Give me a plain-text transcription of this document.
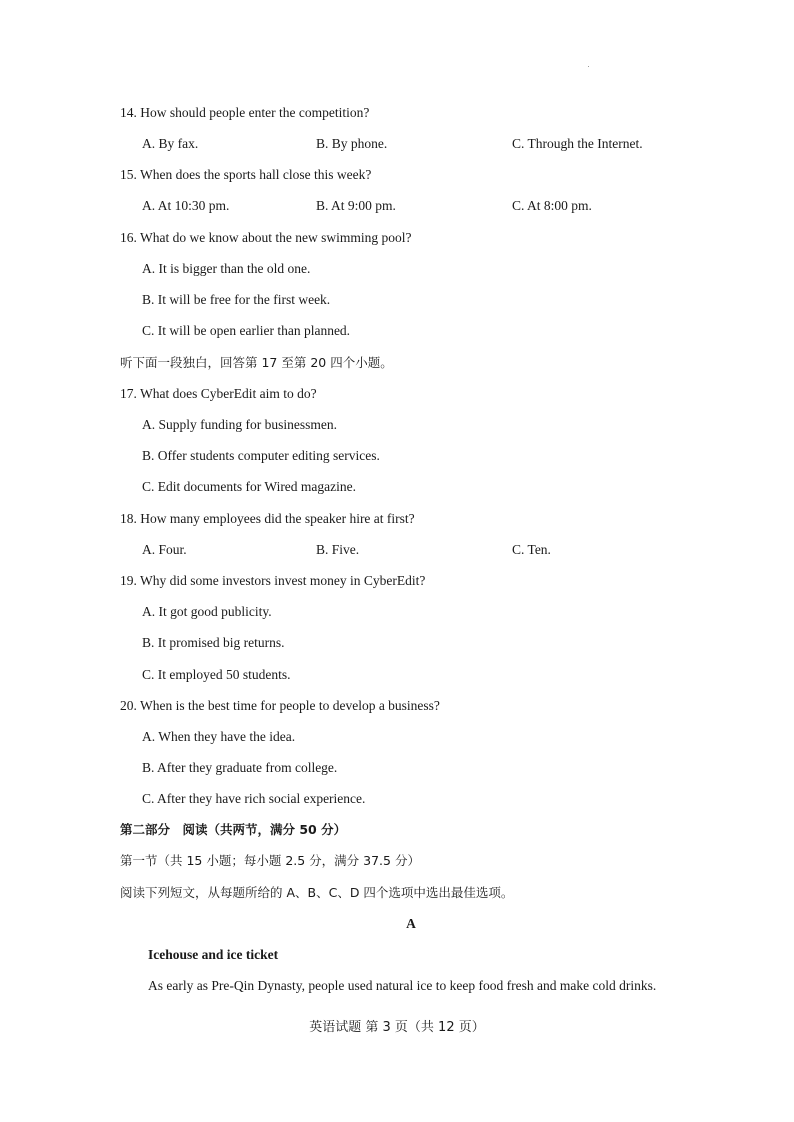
14. How should people enter the competition?
A. By fax.	B. By phone.	C. Through the Internet.
15. When does the sports hall close this week?
A. At 10:30 pm.	B. At 9:00 pm.	C. At 8:00 pm.
16. What do we know about the new swimming pool?
A. It is bigger than the old one.
B. It will be free for the first week.
C. It will be open earlier than planned.
听下面一段独白，回答第 17 至第 20 四个小题。
17. What does CyberEdit aim to do?
A. Supply funding for businessmen.
B. Offer students computer editing services.
C. Edit documents for Wired magazine.
18. How many employees did the speaker hire at first?
A. Four.	B. Five.	C. Ten.
19. Why did some investors invest money in CyberEdit?
A. It got good publicity.
B. It promised big returns.
C. It employed 50 students.
20. When is the best time for people to develop a business?
A. When they have the idea.
B. After they graduate from college.
C. After they have rich social experience.
第二部分　阅读（共两节，满分 50 分）
第一节（共 15 小题；每小题 2.5 分，满分 37.5 分）
阅读下列短文，从每题所给的 A、B、C、D 四个选项中选出最佳选项。
A
Icehouse and ice ticket
As early as Pre-Qin Dynasty, people used natural ice to keep food fresh and make cold drinks.
英语试题 第 3 页（共 12 页）
